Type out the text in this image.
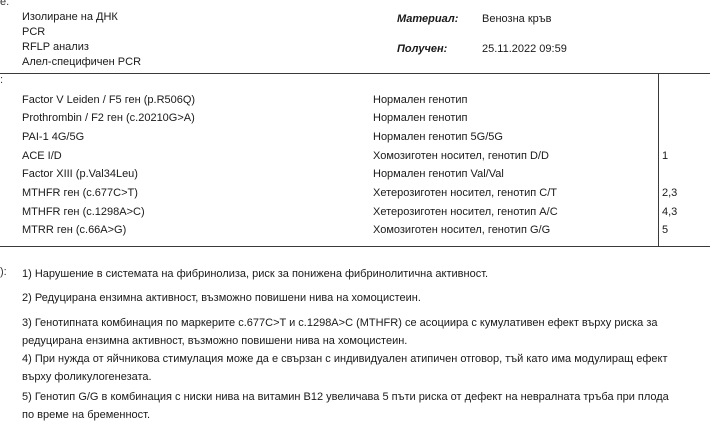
e.
Изолиране на ДНК
PCR
RFLP анализ
Алел-специфичен PCR
Материал: Венозна кръв
Получен:	25.11.2022 09:59
:
Factor V Leiden / F5 ген (p.R506Q)	Нормален генотип
Prothrombin / F2 ген (c.20210G>A)	Нормален генотип
PAI-1 4G/5G	Нормален генотип 5G/5G
ACE I/D	Хомозиготен носител, генотип D/D	1
Factor XIII (p.Val34Leu)	Нормален генотип Val/Val
MTHFR ген (c.677C>T)	Хетерозиготен носител, генотип C/T	2,3
MTHFR ген (c.1298A>C)	Хетерозиготен носител, генотип A/C	4,3
MTRR ген (c.66A>G)	Хомозиготен носител, генотип G/G	5
): 1) Нарушение в системата на фибринолиза, риск за понижена фибринолитична активност.
2) Редуцирана ензимна активност, възможно повишени нива на хомоцистеин.
3) Генотипната комбинация по маркерите c.677C>T и c.1298A>C (MTHFR) се асоциира с кумулативен ефект върху риска за редуцирана ензимна активност, възможно повишени нива на хомоцистеин.
4) При нужда от яйчникова стимулация може да е свързан с индивидуален атипичен отговор, тъй като има модулиращ ефект върху фоликулогенезата.
5) Генотип G/G в комбинация с ниски нива на витамин B12 увеличава 5 пъти риска от дефект на невралната тръба при плода по време на бременност.
